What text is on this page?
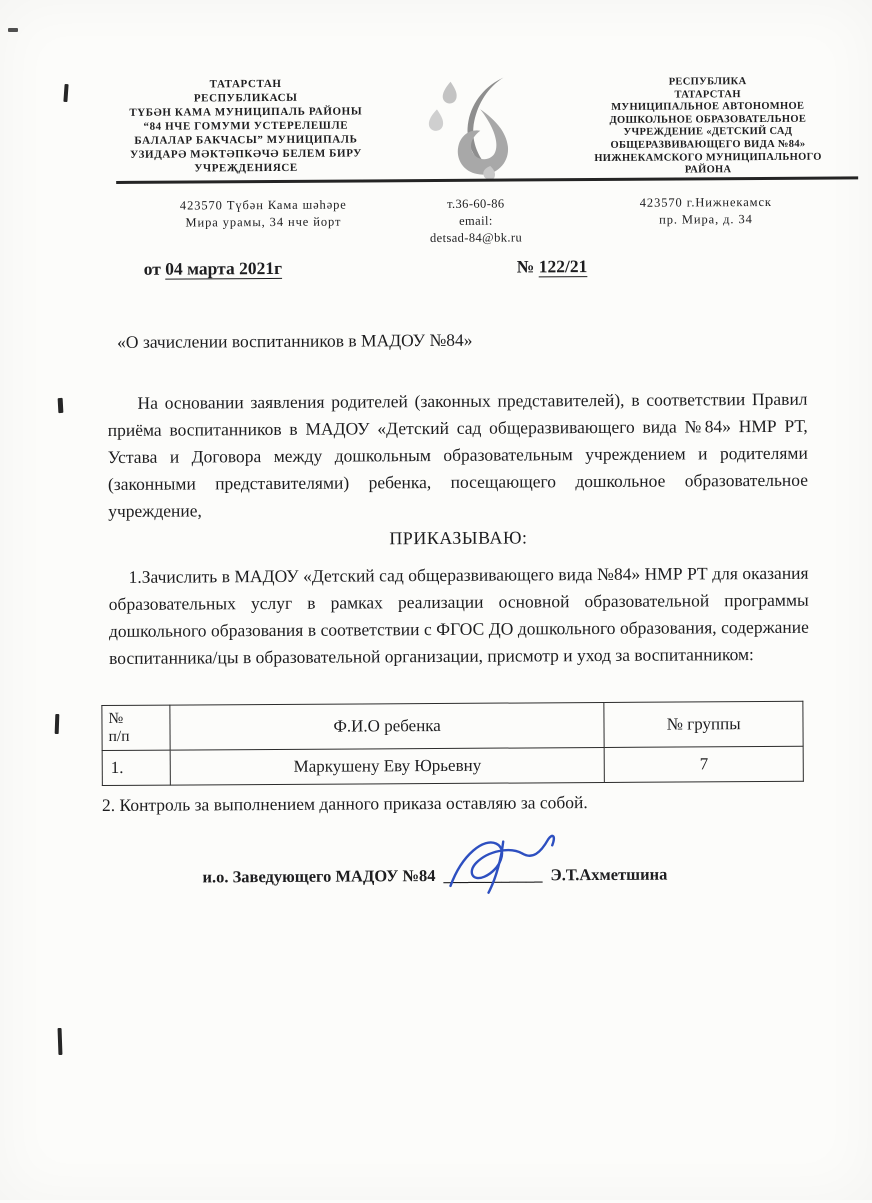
ТАТАРСТАН
РЕСПУБЛИКАСЫ
ТҮБӘН КАМА МУНИЦИПАЛЬ РАЙОНЫ
“84 НЧЕ ГОМУМИ УСТЕРЕЛЕШЛЕ
БАЛАЛАР БАКЧАСЫ” МУНИЦИПАЛЬ
УЗИДАРӘ МӘКТӘПКӘЧӘ БЕЛЕМ БИРУ
УЧРЕҖДЕНИЯСЕ
РЕСПУБЛИКА
ТАТАРСТАН
МУНИЦИПАЛЬНОЕ АВТОНОМНОЕ
ДОШКОЛЬНОЕ ОБРАЗОВАТЕЛЬНОЕ
УЧРЕЖДЕНИЕ «ДЕТСКИЙ САД
ОБЩЕРАЗВИВАЮЩЕГО ВИДА №84»
НИЖНЕКАМСКОГО МУНИЦИПАЛЬНОГО
РАЙОНА
423570 Түбән Кама шәһәре
Мира урамы, 34 нче йорт
т.36-60-86
email:
detsad-84@bk.ru
423570 г.Нижнекамск
пр. Мира, д. 34
от 04 марта 2021г	№ 122/21
«О зачислении воспитанников в МАДОУ №84»

На основании заявления родителей (законных представителей), в соответствии Правил приёма воспитанников в МАДОУ «Детский сад общеразвивающего вида №84» НМР РТ, Устава и Договора между дошкольным образовательным учреждением и родителями (законными представителями) ребенка, посещающего дошкольное образовательное учреждение,

ПРИКАЗЫВАЮ:

1.Зачислить в МАДОУ «Детский сад общеразвивающего вида №84» НМР РТ для оказания образовательных услуг в рамках реализации основной образовательной программы дошкольного образования в соответствии с ФГОС ДО дошкольного образования, содержание воспитанника/цы в образовательной организации, присмотр и уход за воспитанником:

№
п/п	Ф.И.О ребенка	№ группы
1.	Маркушену Еву Юрьевну	7

2. Контроль за выполнением данного приказа оставляю за собой.

и.о. Заведующего МАДОУ №84 ____________ Э.Т.Ахметшина
